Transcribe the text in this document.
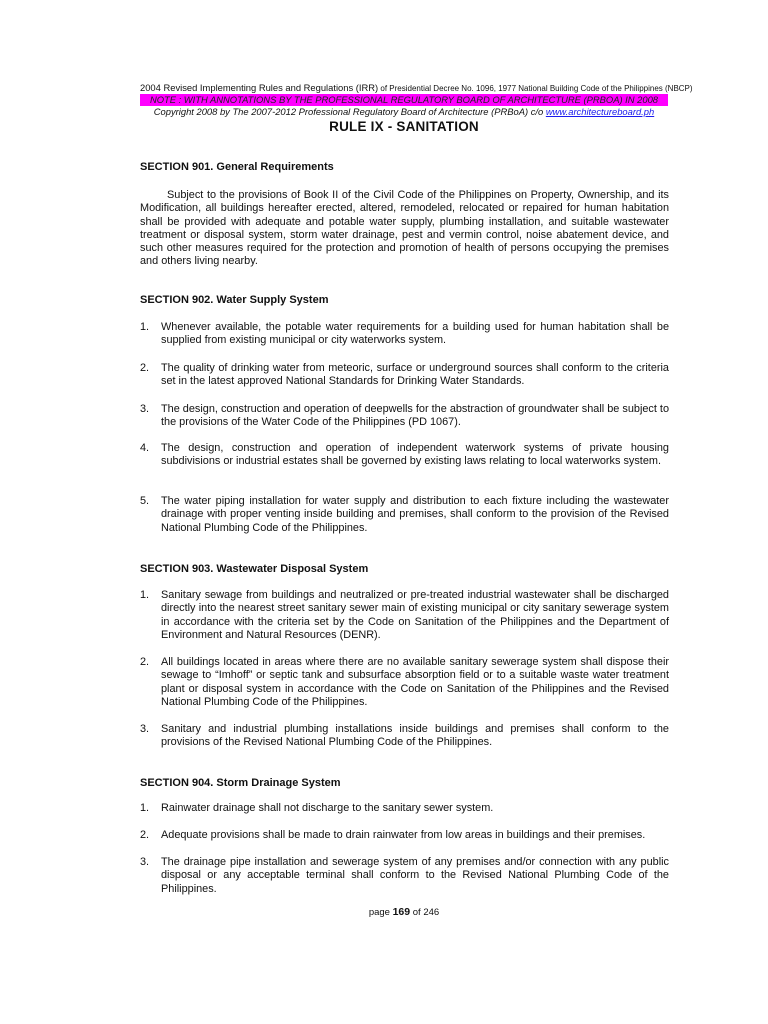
2004 Revised Implementing Rules and Regulations (IRR) of Presidential Decree No. 1096, 1977 National Building Code of the Philippines (NBCP)
NOTE : WITH ANNOTATIONS BY THE PROFESSIONAL REGULATORY BOARD OF ARCHITECTURE (PRBOA) IN 2008
Copyright 2008 by The 2007-2012 Professional Regulatory Board of Architecture (PRBoA) c/o www.architectureboard.ph
RULE IX - SANITATION
SECTION 901. General Requirements

Subject to the provisions of Book II of the Civil Code of the Philippines on Property, Ownership, and its Modification, all buildings hereafter erected, altered, remodeled, relocated or repaired for human habitation shall be provided with adequate and potable water supply, plumbing installation, and suitable wastewater treatment or disposal system, storm water drainage, pest and vermin control, noise abatement device, and such other measures required for the protection and promotion of health of persons occupying the premises and others living nearby.

SECTION 902. Water Supply System
1.	Whenever available, the potable water requirements for a building used for human habitation shall be supplied from existing municipal or city waterworks system.
2.	The quality of drinking water from meteoric, surface or underground sources shall conform to the criteria set in the latest approved National Standards for Drinking Water Standards.
3.	The design, construction and operation of deepwells for the abstraction of groundwater shall be subject to the provisions of the Water Code of the Philippines (PD 1067).
4.	The design, construction and operation of independent waterwork systems of private housing subdivisions or industrial estates shall be governed by existing laws relating to local waterworks system.
5.	The water piping installation for water supply and distribution to each fixture including the wastewater drainage with proper venting inside building and premises, shall conform to the provision of the Revised National Plumbing Code of the Philippines.
SECTION 903. Wastewater Disposal System
1.	Sanitary sewage from buildings and neutralized or pre-treated industrial wastewater shall be discharged directly into the nearest street sanitary sewer main of existing municipal or city sanitary sewerage system in accordance with the criteria set by the Code on Sanitation of the Philippines and the Department of Environment and Natural Resources (DENR).
2.	All buildings located in areas where there are no available sanitary sewerage system shall dispose their sewage to “Imhoff” or septic tank and subsurface absorption field or to a suitable waste water treatment plant or disposal system in accordance with the Code on Sanitation of the Philippines and the Revised National Plumbing Code of the Philippines.
3.	Sanitary and industrial plumbing installations inside buildings and premises shall conform to the provisions of the Revised National Plumbing Code of the Philippines.
SECTION 904. Storm Drainage System
1.	Rainwater drainage shall not discharge to the sanitary sewer system.
2.	Adequate provisions shall be made to drain rainwater from low areas in buildings and their premises.
3.	The drainage pipe installation and sewerage system of any premises and/or connection with any public disposal or any acceptable terminal shall conform to the Revised National Plumbing Code of the Philippines.
page 169 of 246
